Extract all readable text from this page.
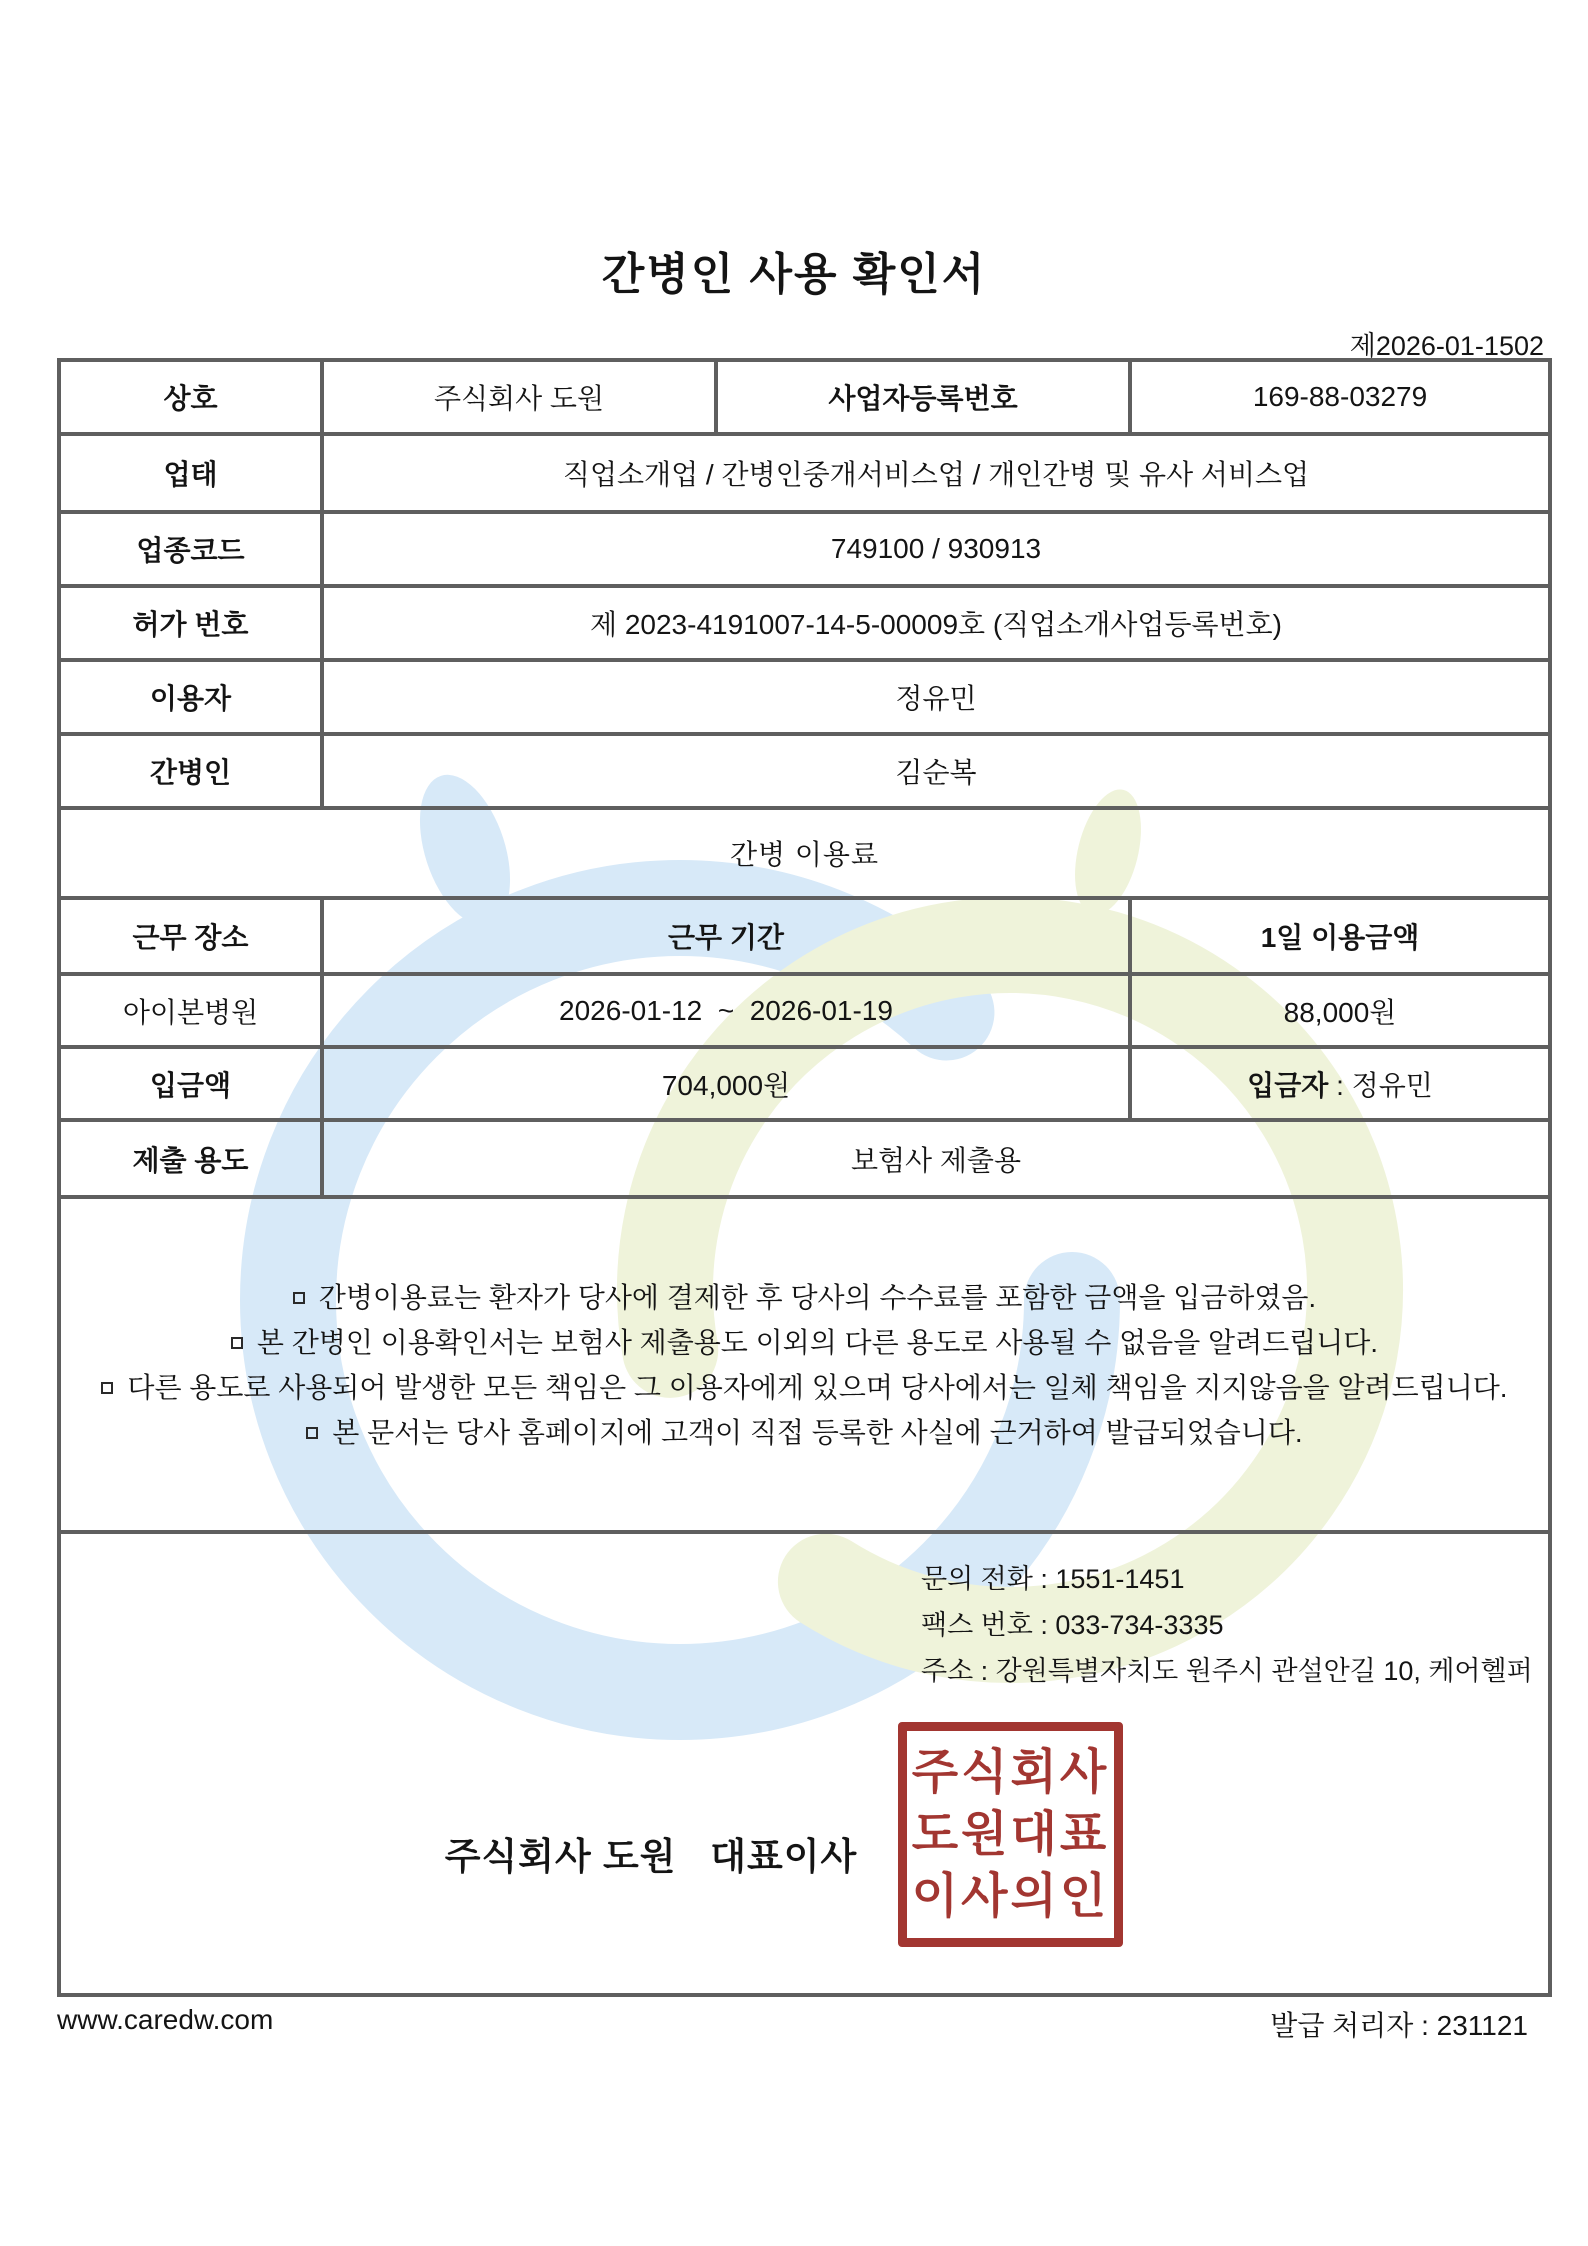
간병인 사용 확인서
제2026-01-1502
상호	주식회사 도원	사업자등록번호	169-88-03279
업태	직업소개업 / 간병인중개서비스업 / 개인간병 및 유사 서비스업		
업종코드	749100 / 930913		
허가 번호	제 2023-4191007-14-5-00009호 (직업소개사업등록번호)		
이용자	정유민		
간병인	김순복		
간병 이용료			
근무 장소	근무 기간		1일 이용금액
아이본병원	2026-01-12  ~  2026-01-19		88,000원
입금액	704,000원		입금자 : 정유민
제출 용도	보험사 제출용		

간병이용료는 환자가 당사에 결제한 후 당사의 수수료를 포함한 금액을 입금하였음.
본 간병인 이용확인서는 보험사 제출용도 이외의 다른 용도로 사용될 수 없음을 알려드립니다.
다른 용도로 사용되어 발생한 모든 책임은 그 이용자에게 있으며 당사에서는 일체 책임을 지지않음을 알려드립니다.
본 문서는 당사 홈페이지에 고객이 직접 등록한 사실에 근거하여 발급되었습니다.

문의 전화 : 1551-1451
팩스 번호 : 033-734-3335
주소 : 강원특별자치도 원주시 관설안길 10, 케어헬퍼
주식회사 도원   대표이사
주식회사
도원대표
이사의인
www.caredw.com	발급 처리자 : 231121
